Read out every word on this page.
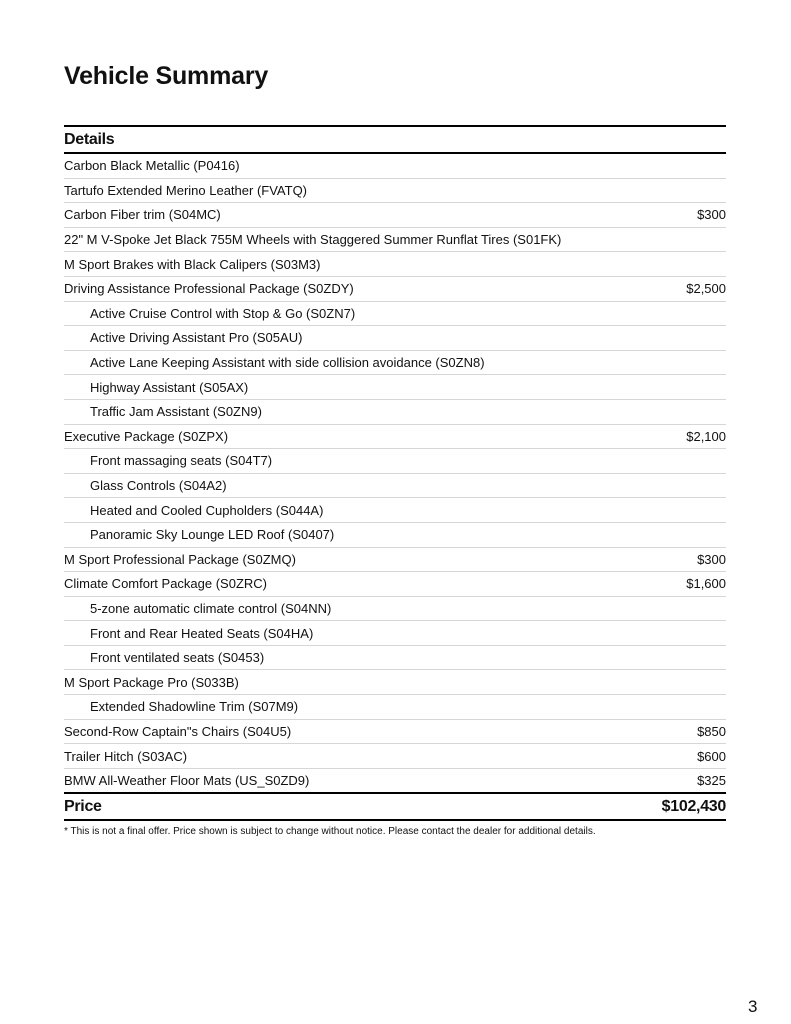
Vehicle Summary
Details
Carbon Black Metallic (P0416)
Tartufo Extended Merino Leather (FVATQ)
Carbon Fiber trim (S04MC)	$300
22" M V-Spoke Jet Black 755M Wheels with Staggered Summer Runflat Tires (S01FK)
M Sport Brakes with Black Calipers (S03M3)
Driving Assistance Professional Package (S0ZDY)	$2,500
Active Cruise Control with Stop & Go (S0ZN7)
Active Driving Assistant Pro (S05AU)
Active Lane Keeping Assistant with side collision avoidance (S0ZN8)
Highway Assistant (S05AX)
Traffic Jam Assistant (S0ZN9)
Executive Package (S0ZPX)	$2,100
Front massaging seats (S04T7)
Glass Controls (S04A2)
Heated and Cooled Cupholders (S044A)
Panoramic Sky Lounge LED Roof (S0407)
M Sport Professional Package (S0ZMQ)	$300
Climate Comfort Package (S0ZRC)	$1,600
5-zone automatic climate control (S04NN)
Front and Rear Heated Seats (S04HA)
Front ventilated seats (S0453)
M Sport Package Pro (S033B)
Extended Shadowline Trim (S07M9)
Second-Row Captain"s Chairs (S04U5)	$850
Trailer Hitch (S03AC)	$600
BMW All-Weather Floor Mats (US_S0ZD9)	$325
Price	$102,430
* This is not a final offer. Price shown is subject to change without notice. Please contact the dealer for additional details.
3
